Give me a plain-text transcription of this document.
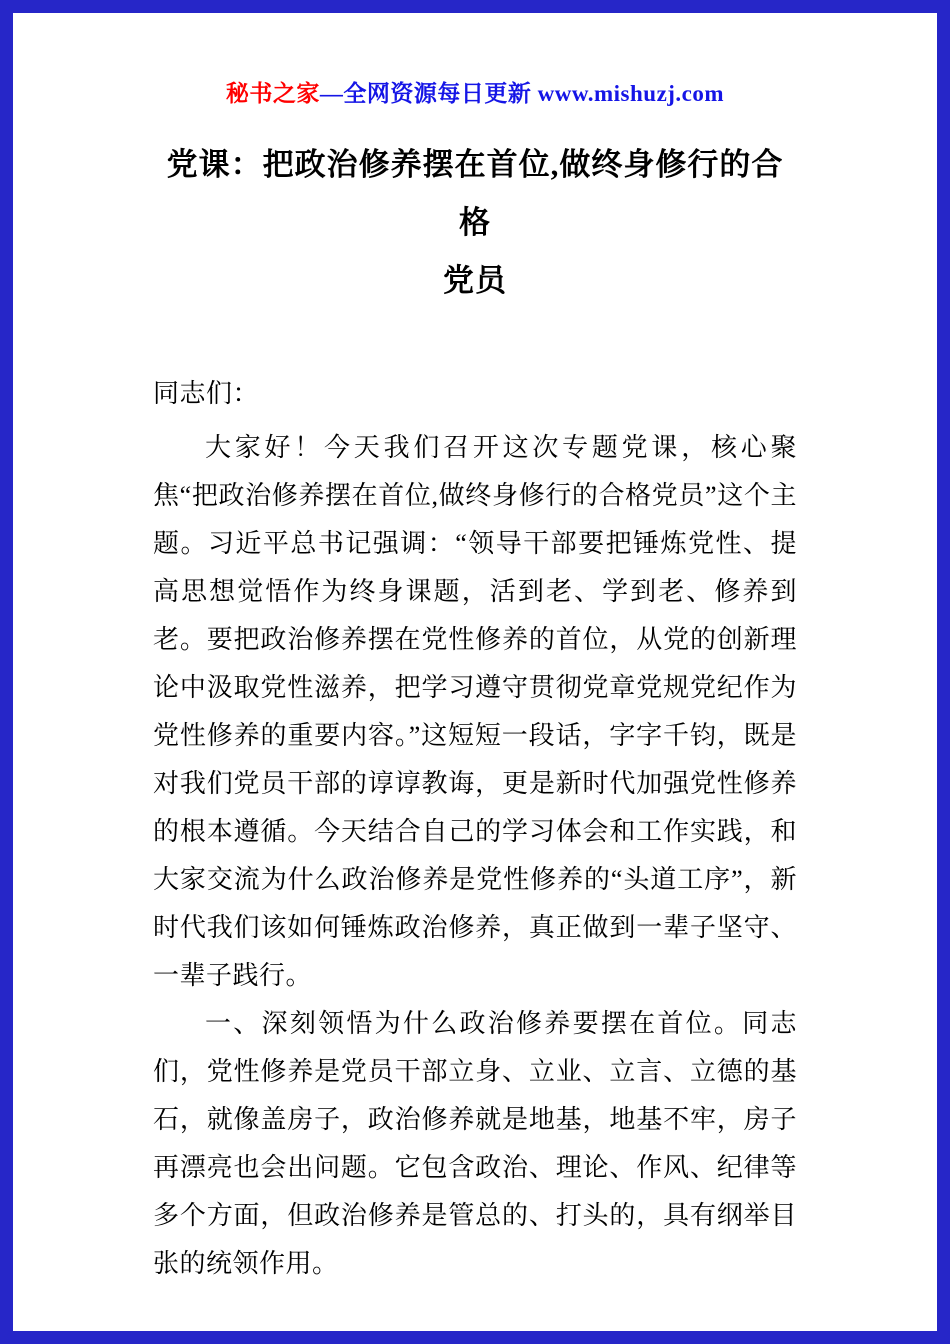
秘书之家—全网资源每日更新 www.mishuzj.com
党课：把政治修养摆在首位,做终身修行的合格
党员

同志们：

大家好！今天我们召开这次专题党课，核心聚焦“把政治修养摆在首位,做终身修行的合格党员”这个主题。习近平总书记强调：“领导干部要把锤炼党性、提高思想觉悟作为终身课题，活到老、学到老、修养到老。要把政治修养摆在党性修养的首位，从党的创新理论中汲取党性滋养，把学习遵守贯彻党章党规党纪作为党性修养的重要内容。”这短短一段话，字字千钧，既是对我们党员干部的谆谆教诲，更是新时代加强党性修养的根本遵循。今天结合自己的学习体会和工作实践，和大家交流为什么政治修养是党性修养的“头道工序”，新时代我们该如何锤炼政治修养，真正做到一辈子坚守、一辈子践行。

一、深刻领悟为什么政治修养要摆在首位。同志们，党性修养是党员干部立身、立业、立言、立德的基石，就像盖房子，政治修养就是地基，地基不牢，房子再漂亮也会出问题。它包含政治、理论、作风、纪律等多个方面，但政治修养是管总的、打头的，具有纲举目张的统领作用。
